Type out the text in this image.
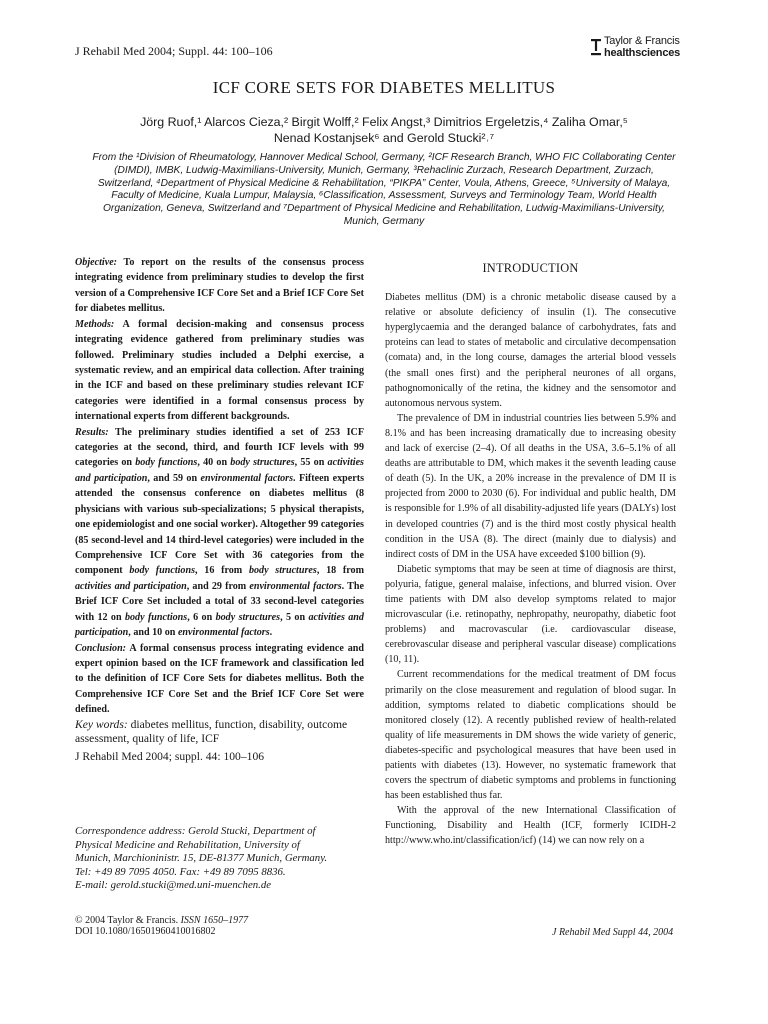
J Rehabil Med 2004; Suppl. 44: 100–106
Taylor & Francis
healthsciences
ICF CORE SETS FOR DIABETES MELLITUS
Jörg Ruof,¹ Alarcos Cieza,² Birgit Wolff,² Felix Angst,³ Dimitrios Ergeletzis,⁴ Zaliha Omar,⁵
Nenad Kostanjsek⁶ and Gerold Stucki²˒⁷
From the ¹Division of Rheumatology, Hannover Medical School, Germany, ²ICF Research Branch, WHO FIC Collaborating Center (DIMDI), IMBK, Ludwig-Maximilians-University, Munich, Germany, ³Rehaclinic Zurzach, Research Department, Zurzach, Switzerland, ⁴Department of Physical Medicine & Rehabilitation, “PIKPA” Center, Voula, Athens, Greece, ⁵University of Malaya, Faculty of Medicine, Kuala Lumpur, Malaysia, ⁶Classification, Assessment, Surveys and Terminology Team, World Health Organization, Geneva, Switzerland and ⁷Department of Physical Medicine and Rehabilitation, Ludwig-Maximilians-University, Munich, Germany
Objective: To report on the results of the consensus process integrating evidence from preliminary studies to develop the first version of a Comprehensive ICF Core Set and a Brief ICF Core Set for diabetes mellitus.
Methods: A formal decision-making and consensus process integrating evidence gathered from preliminary studies was followed. Preliminary studies included a Delphi exercise, a systematic review, and an empirical data collection. After training in the ICF and based on these preliminary studies relevant ICF categories were identified in a formal consensus process by international experts from different backgrounds.
Results: The preliminary studies identified a set of 253 ICF categories at the second, third, and fourth ICF levels with 99 categories on body functions, 40 on body structures, 55 on activities and participation, and 59 on environmental factors. Fifteen experts attended the consensus conference on diabetes mellitus (8 physicians with various sub-specializations; 5 physical therapists, one epidemiologist and one social worker). Altogether 99 categories (85 second-level and 14 third-level categories) were included in the Comprehensive ICF Core Set with 36 categories from the component body functions, 16 from body structures, 18 from activities and participation, and 29 from environmental factors. The Brief ICF Core Set included a total of 33 second-level categories with 12 on body functions, 6 on body structures, 5 on activities and participation, and 10 on environmental factors.
Conclusion: A formal consensus process integrating evidence and expert opinion based on the ICF framework and classification led to the definition of ICF Core Sets for diabetes mellitus. Both the Comprehensive ICF Core Set and the Brief ICF Core Set were defined.
Key words: diabetes mellitus, function, disability, outcome assessment, quality of life, ICF
J Rehabil Med 2004; suppl. 44: 100–106
Correspondence address: Gerold Stucki, Department of
Physical Medicine and Rehabilitation, University of
Munich, Marchioninistr. 15, DE-81377 Munich, Germany.
Tel: +49 89 7095 4050. Fax: +49 89 7095 8836.
E-mail: gerold.stucki@med.uni-muenchen.de
© 2004 Taylor & Francis. ISSN 1650–1977
DOI 10.1080/16501960410016802	J Rehabil Med Suppl 44, 2004
INTRODUCTION

Diabetes mellitus (DM) is a chronic metabolic disease caused by a relative or absolute deficiency of insulin (1). The consecutive hyperglycaemia and the deranged balance of carbohydrates, fats and proteins can lead to states of metabolic and circulative decompensation (comata) and, in the long course, damages the arterial blood vessels (the small ones first) and the peripheral neurones of all organs, pathognomonically of the retina, the kidney and the sensomotor and autonomous nervous system.

The prevalence of DM in industrial countries lies between 5.9% and 8.1% and has been increasing dramatically due to increasing obesity and lack of exercise (2–4). Of all deaths in the USA, 3.6–5.1% of all deaths are attributable to DM, which makes it the seventh leading cause of death (5). In the UK, a 20% increase in the prevalence of DM II is projected from 2000 to 2030 (6). For individual and public health, DM is responsible for 1.9% of all disability-adjusted life years (DALYs) lost in developed countries (7) and is the third most costly physical health condition in the USA (8). The direct (mainly due to dialysis) and indirect costs of DM in the USA have exceeded $100 billion (9).

Diabetic symptoms that may be seen at time of diagnosis are thirst, polyuria, fatigue, general malaise, infections, and blurred vision. Over time patients with DM also develop symptoms related to major microvascular (i.e. retinopathy, nephropathy, neuropathy, diabetic foot problems) and macrovascular (i.e. cardiovascular disease, cerebrovascular disease and peripheral vascular disease) complications (10, 11).

Current recommendations for the medical treatment of DM focus primarily on the close measurement and regulation of blood sugar. In addition, symptoms related to diabetic complications should be monitored closely (12). A recently published review of health-related quality of life measurements in DM shows the wide variety of generic, diabetes-specific and psychological measures that have been used in patients with diabetes (13). However, no systematic framework that covers the spectrum of diabetic symptoms and problems in functioning has been established thus far.

With the approval of the new International Classification of Functioning, Disability and Health (ICF, formerly ICIDH-2 http://www.who.int/classification/icf) (14) we can now rely on a
